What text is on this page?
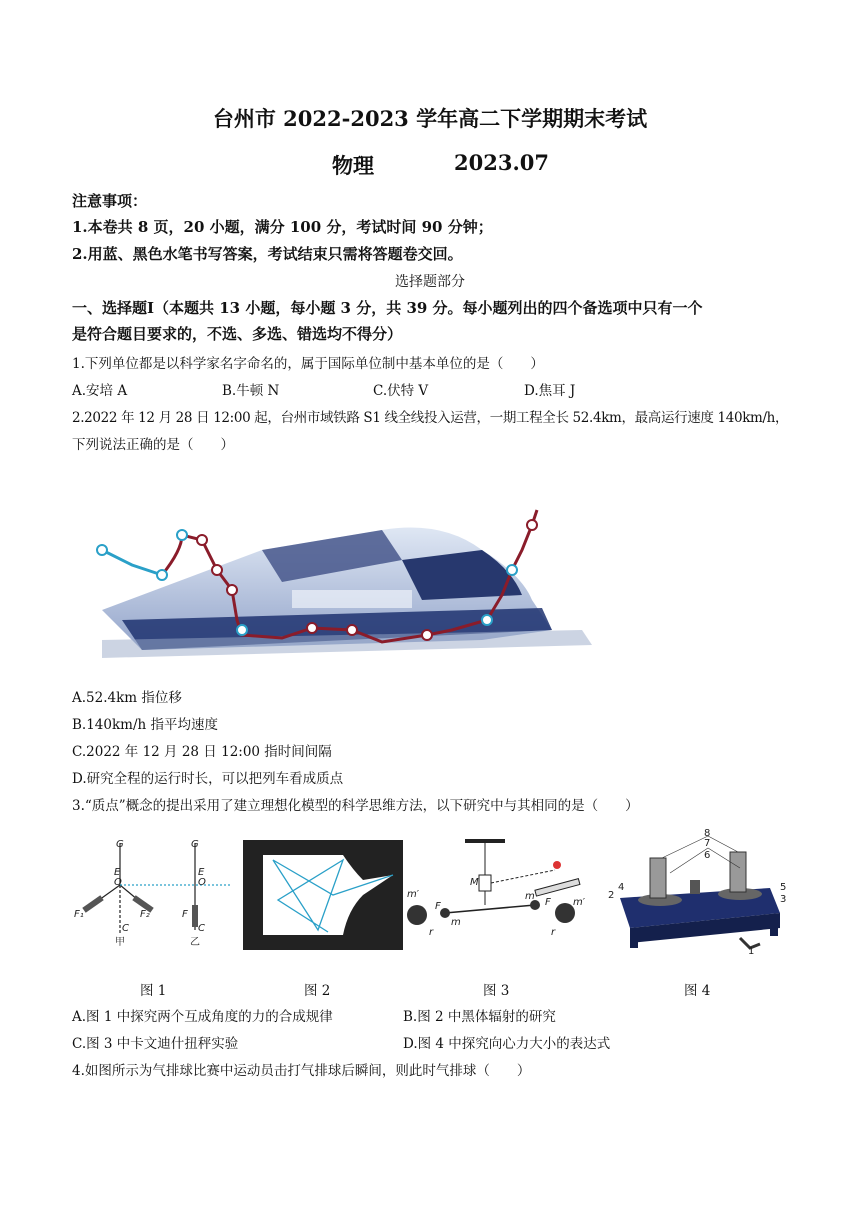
台州市 2022-2023 学年高二下学期期末考试
物理	2023.07
注意事项：
1.本卷共 8 页，20 小题，满分 100 分，考试时间 90 分钟；
2.用蓝、黑色水笔书写答案，考试结束只需将答题卷交回。
选择题部分
一、选择题Ⅰ（本题共 13 小题，每小题 3 分，共 39 分。每小题列出的四个备选项中只有一个
是符合题目要求的，不选、多选、错选均不得分）
1.下列单位都是以科学家名字命名的，属于国际单位制中基本单位的是（　　）
A.安培 A	B.牛顿 N	C.伏特 V	D.焦耳 J
2.2022 年 12 月 28 日 12:00 起，台州市域铁路 S1 线全线投入运营，一期工程全长 52.4km，最高运行速度 140km/h，
下列说法正确的是（　　）
A.52.4km 指位移
B.140km/h 指平均速度
C.2022 年 12 月 28 日 12:00 指时间间隔
D.研究全程的运行时长，可以把列车看成质点
3.“质点”概念的提出采用了建立理想化模型的科学思维方法，以下研究中与其相同的是（　　）
G
E
O
F₁	F₂
C
甲
G
E
O
F
C
乙
M
m′
F
m
r
m
F m′
r
8
7
6
4
2
5
3
1
图 1	图 2	图 3	图 4
A.图 1 中探究两个互成角度的力的合成规律	B.图 2 中黑体辐射的研究
C.图 3 中卡文迪什扭秤实验	D.图 4 中探究向心力大小的表达式
4.如图所示为气排球比赛中运动员击打气排球后瞬间，则此时气排球（　　）
